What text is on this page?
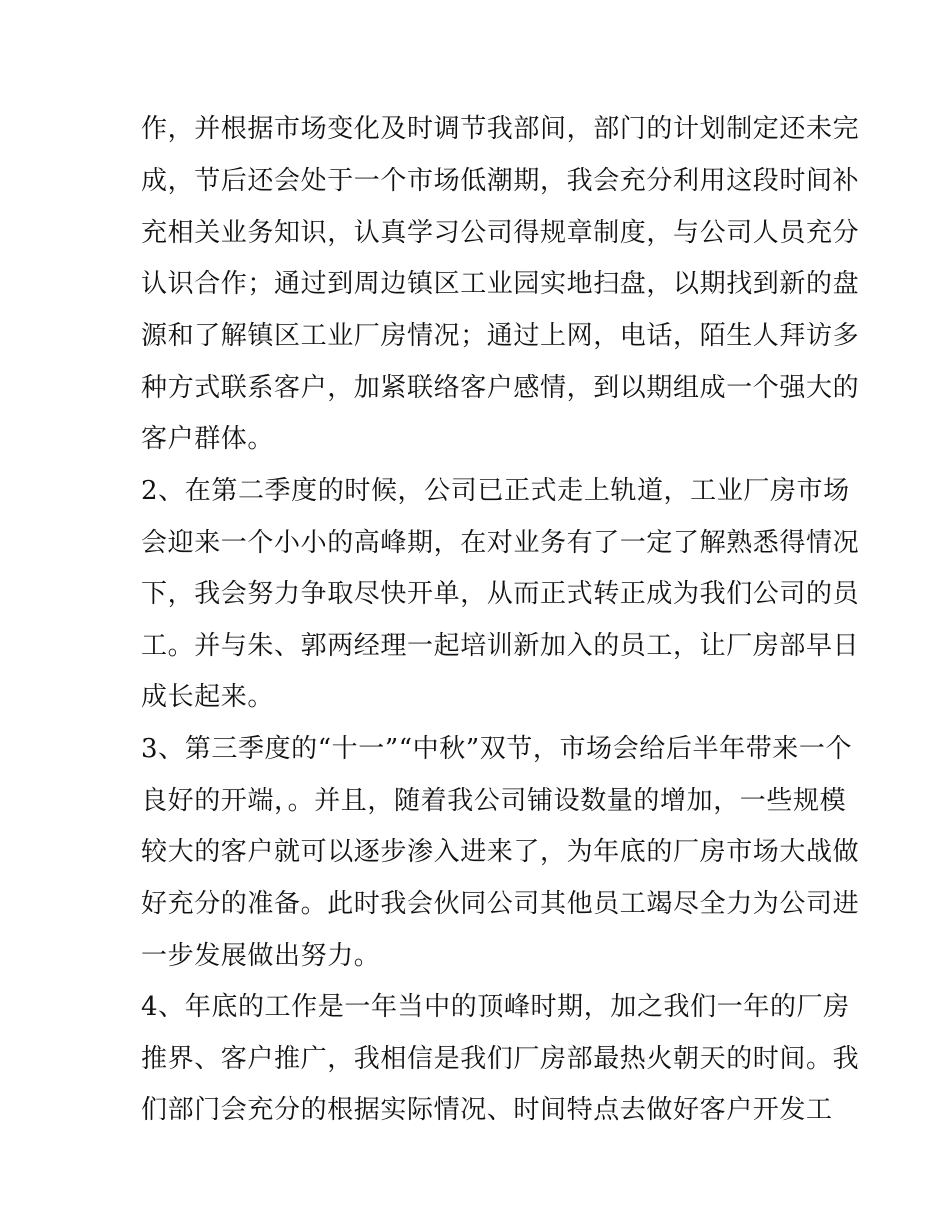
作，并根据市场变化及时调节我部间，部门的计划制定还未完
成，节后还会处于一个市场低潮期，我会充分利用这段时间补
充相关业务知识，认真学习公司得规章制度，与公司人员充分
认识合作；通过到周边镇区工业园实地扫盘，以期找到新的盘
源和了解镇区工业厂房情况；通过上网，电话，陌生人拜访多
种方式联系客户，加紧联络客户感情，到以期组成一个强大的
客户群体。
2、在第二季度的时候，公司已正式走上轨道，工业厂房市场
会迎来一个小小的高峰期，在对业务有了一定了解熟悉得情况
下，我会努力争取尽快开单，从而正式转正成为我们公司的员
工。并与朱、郭两经理一起培训新加入的员工，让厂房部早日
成长起来。
3、第三季度的“十一”“中秋”双节，市场会给后半年带来一个
良好的开端，。并且，随着我公司铺设数量的增加，一些规模
较大的客户就可以逐步渗入进来了，为年底的厂房市场大战做
好充分的准备。此时我会伙同公司其他员工竭尽全力为公司进
一步发展做出努力。
4、年底的工作是一年当中的顶峰时期，加之我们一年的厂房
推界、客户推广，我相信是我们厂房部最热火朝天的时间。我
们部门会充分的根据实际情况、时间特点去做好客户开发工
